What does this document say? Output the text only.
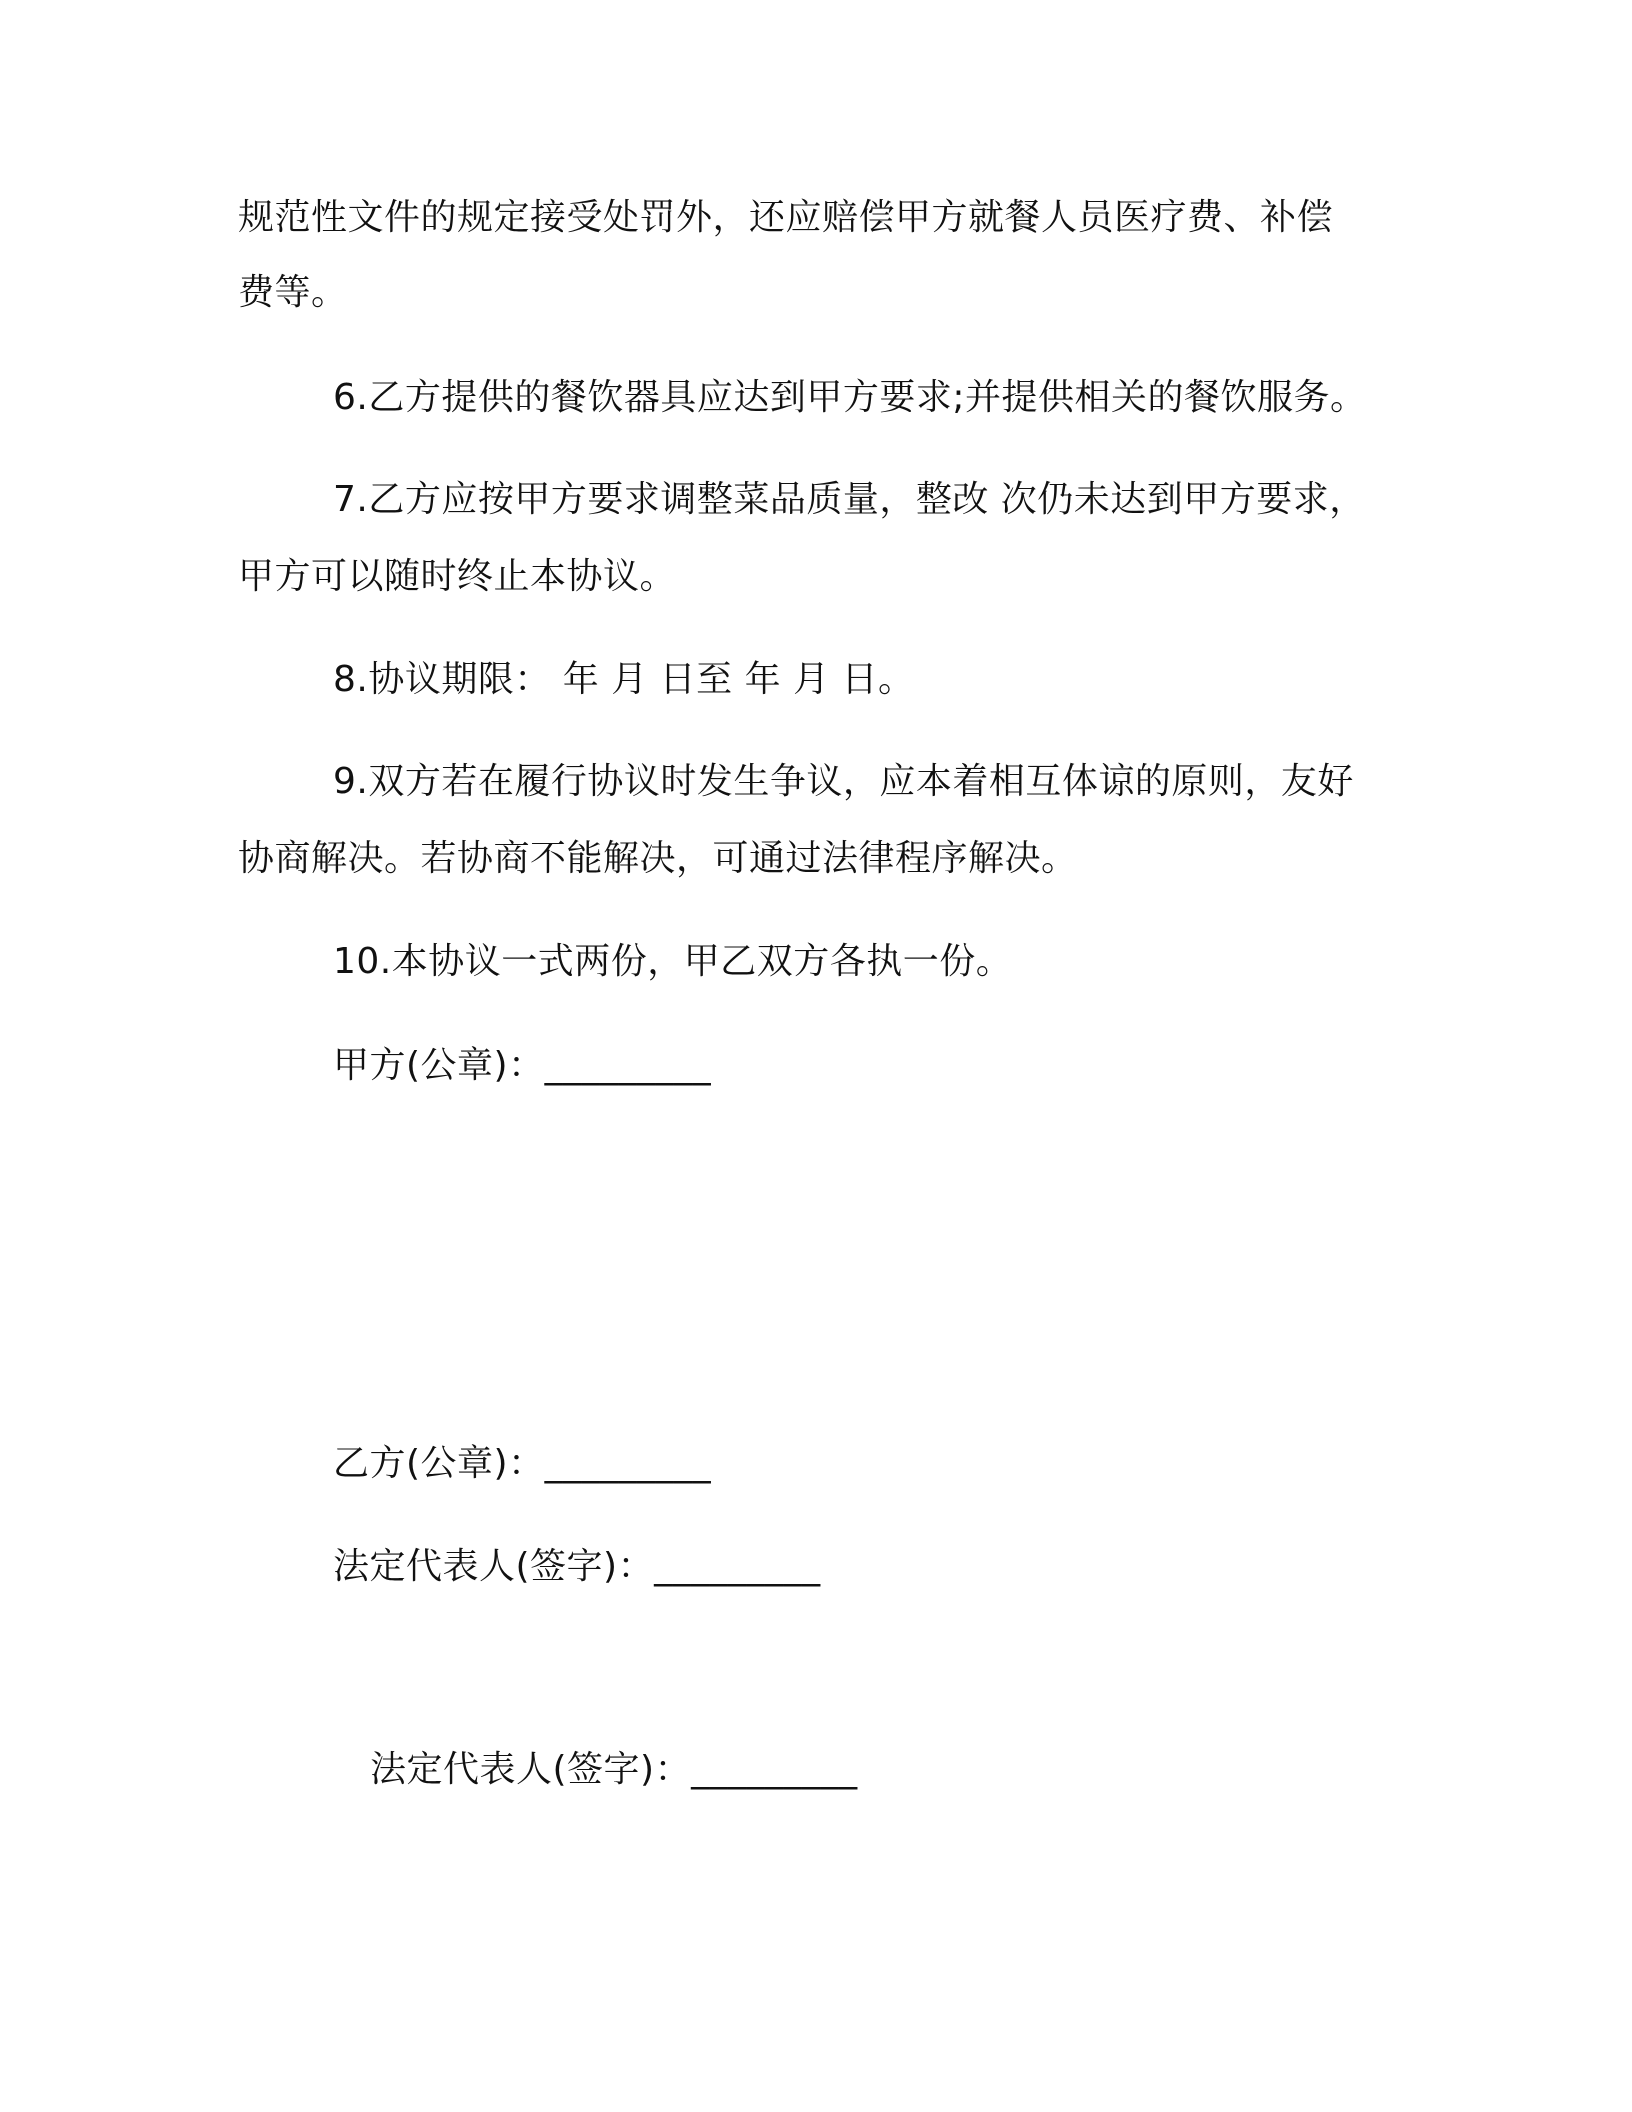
规范性文件的规定接受处罚外，还应赔偿甲方就餐人员医疗费、补偿
费等。
6.乙方提供的餐饮器具应达到甲方要求;并提供相关的餐饮服务。
7.乙方应按甲方要求调整菜品质量，整改 次仍未达到甲方要求，
甲方可以随时终止本协议。
8.协议期限： 年 月 日至 年 月 日。
9.双方若在履行协议时发生争议，应本着相互体谅的原则，友好
协商解决。若协商不能解决，可通过法律程序解决。
10.本协议一式两份，甲乙双方各执一份。
甲方(公章)：_________
乙方(公章)：_________
法定代表人(签字)：_________
法定代表人(签字)：_________
